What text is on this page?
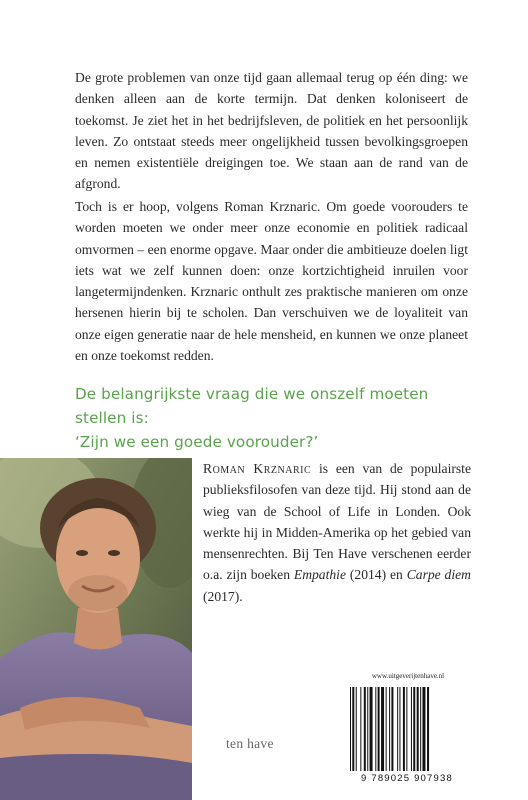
De grote problemen van onze tijd gaan allemaal terug op één ding: we denken alleen aan de korte termijn. Dat denken koloniseert de toekomst. Je ziet het in het bedrijfsleven, de politiek en het persoonlijk leven. Zo ontstaat steeds meer ongelijkheid tussen bevolkingsgroepen en nemen existentiële dreigingen toe. We staan aan de rand van de afgrond.

Toch is er hoop, volgens Roman Krznaric. Om goede voorouders te worden moeten we onder meer onze economie en politiek radicaal omvormen – een enorme opgave. Maar onder die ambitieuze doelen ligt iets wat we zelf kunnen doen: onze kortzichtigheid inruilen voor langetermijndenken. Krznaric onthult zes praktische manieren om onze hersenen hierin bij te scholen. Dan verschuiven we de loyaliteit van onze eigen generatie naar de hele mensheid, en kunnen we onze planeet en onze toekomst redden.

De belangrijkste vraag die we onszelf moeten stellen is:
‘Zijn we een goede voorouder?’

Roman Krznaric is een van de populairste publieksfilosofen van deze tijd. Hij stond aan de wieg van de School of Life in Londen. Ook werkte hij in Midden-Amerika op het gebied van mensenrechten. Bij Ten Have verschenen eerder o.a. zijn boeken Empathie (2014) en Carpe diem (2017).

ten have
www.uitgeverijtenhave.nl
9 789025 907938
